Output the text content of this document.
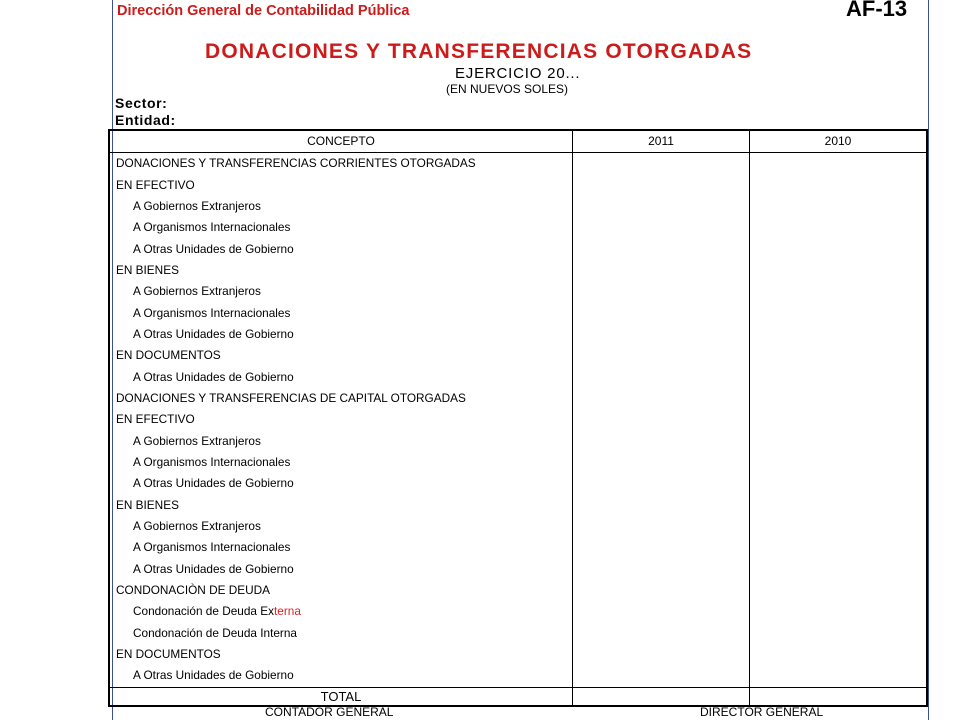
Dirección General de Contabilidad Pública	AF-13
DONACIONES Y TRANSFERENCIAS OTORGADAS
EJERCICIO 20...
(EN NUEVOS SOLES)
Sector:
Entidad:
CONCEPTO	2011	2010
DONACIONES Y TRANSFERENCIAS CORRIENTES OTORGADAS		
EN EFECTIVO		
A Gobiernos Extranjeros		
A Organismos Internacionales		
A Otras Unidades de Gobierno		
EN BIENES		
A Gobiernos Extranjeros		
A Organismos Internacionales		
A Otras Unidades de Gobierno		
EN DOCUMENTOS		
A Otras Unidades de Gobierno		
DONACIONES Y TRANSFERENCIAS DE CAPITAL OTORGADAS		
EN EFECTIVO		
A Gobiernos Extranjeros		
A Organismos Internacionales		
A Otras Unidades de Gobierno		
EN BIENES		
A Gobiernos Extranjeros		
A Organismos Internacionales		
A Otras Unidades de Gobierno		
CONDONACIÒN DE DEUDA		
Condonación de Deuda Externa		
Condonación de Deuda Interna		
EN DOCUMENTOS		
A Otras Unidades de Gobierno		
TOTAL		
CONTADOR GENERAL	DIRECTOR GENERAL
